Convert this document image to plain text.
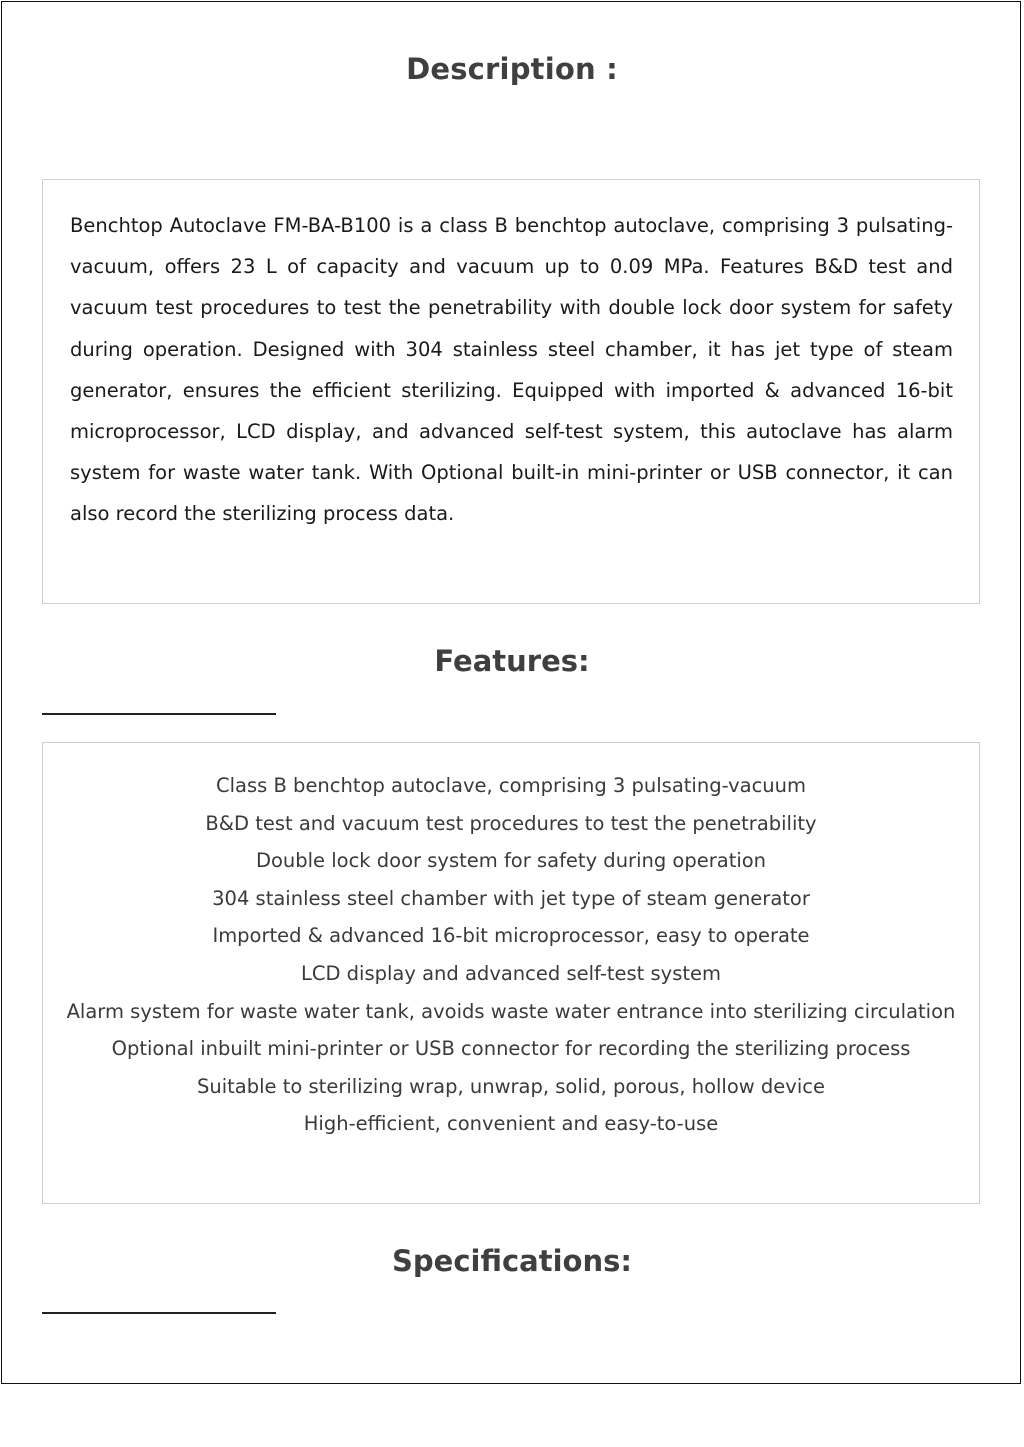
Description :

Benchtop Autoclave FM-BA-B100 is a class B benchtop autoclave, comprising 3 pulsating-vacuum, offers 23 L of capacity and vacuum up to 0.09 MPa. Features B&D test and vacuum test procedures to test the penetrability with double lock door system for safety during operation. Designed with 304 stainless steel chamber, it has jet type of steam generator, ensures the efficient sterilizing. Equipped with imported & advanced 16-bit microprocessor, LCD display, and advanced self-test system, this autoclave has alarm system for waste water tank. With Optional built-in mini-printer or USB connector, it can also record the sterilizing process data.

Features:
Class B benchtop autoclave, comprising 3 pulsating-vacuum
B&D test and vacuum test procedures to test the penetrability
Double lock door system for safety during operation
304 stainless steel chamber with jet type of steam generator
Imported & advanced 16-bit microprocessor, easy to operate
LCD display and advanced self-test system
Alarm system for waste water tank, avoids waste water entrance into sterilizing circulation
Optional inbuilt mini-printer or USB connector for recording the sterilizing process
Suitable to sterilizing wrap, unwrap, solid, porous, hollow device
High-efficient, convenient and easy-to-use
Specifications:
